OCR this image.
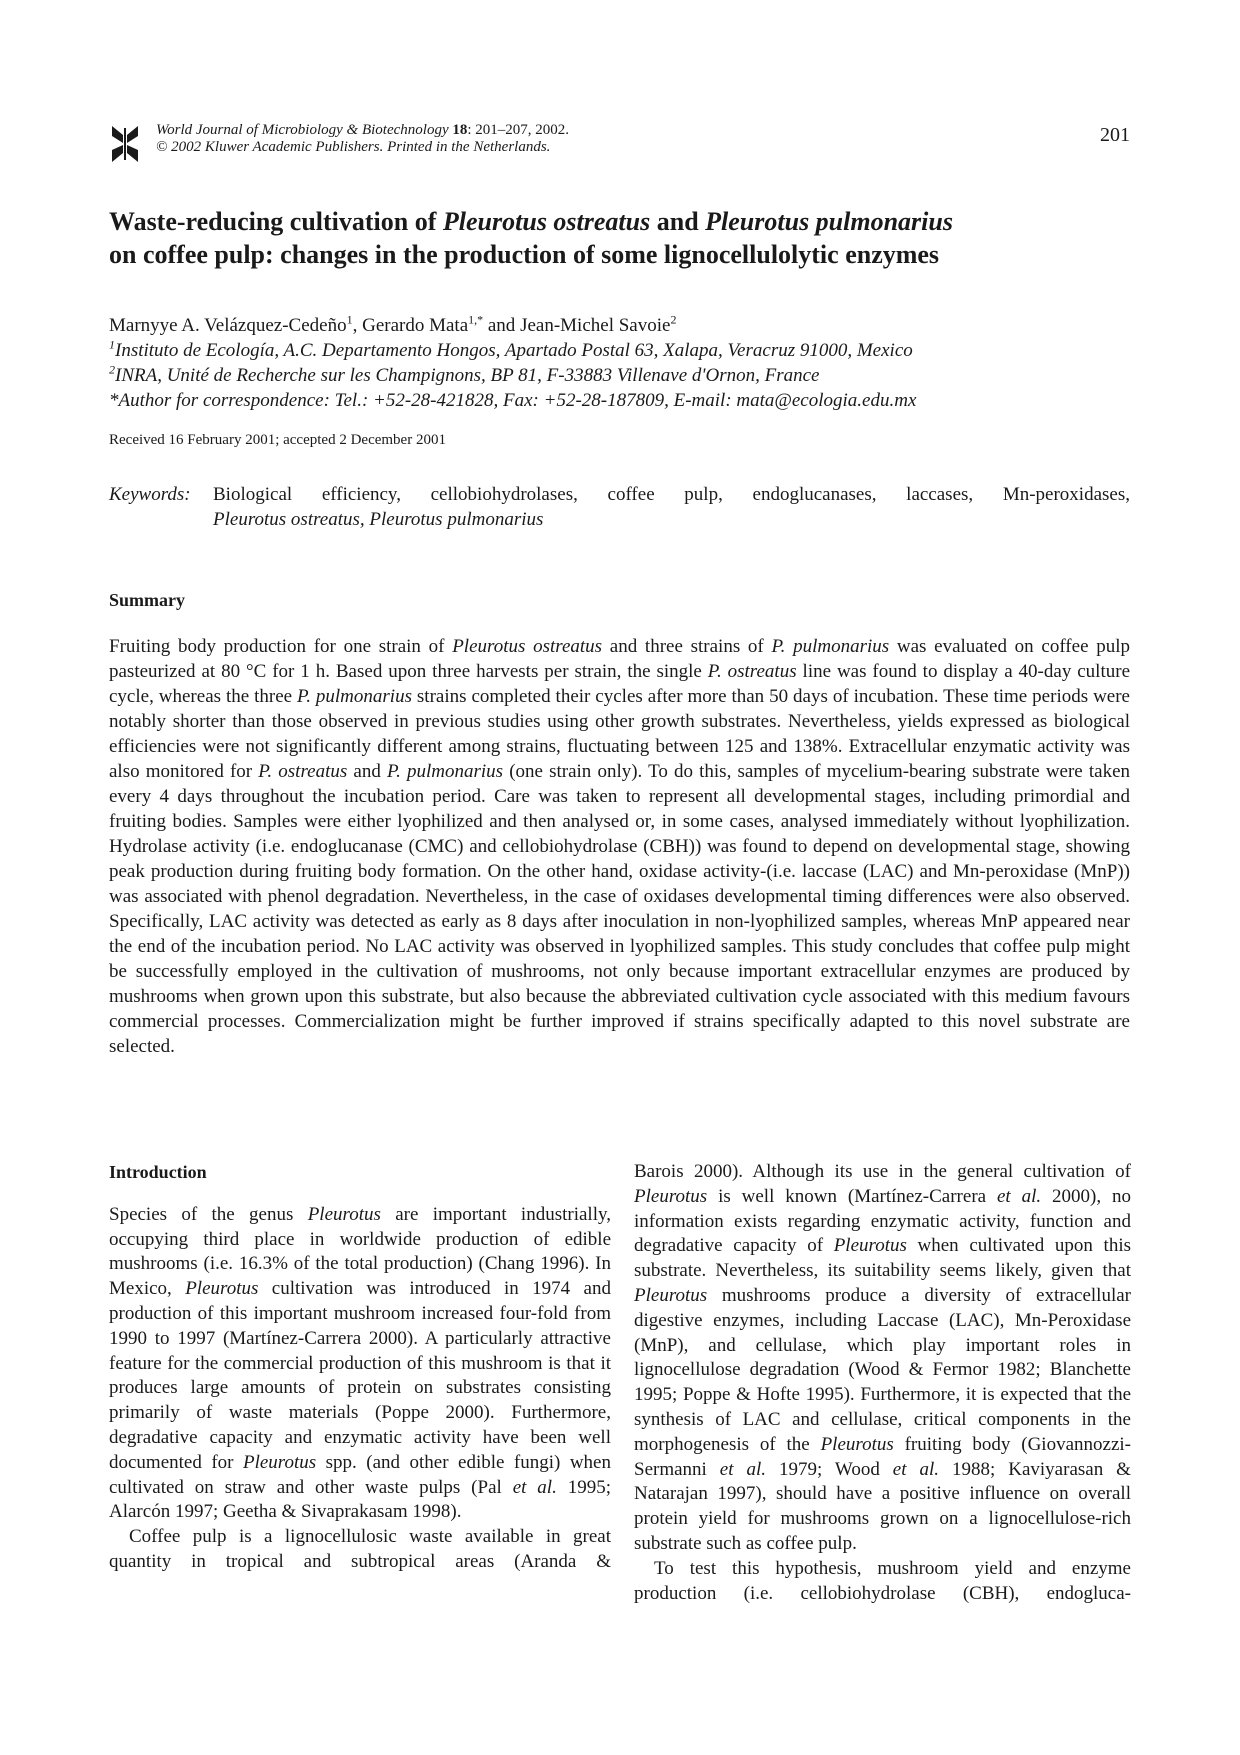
World Journal of Microbiology & Biotechnology 18: 201–207, 2002.
© 2002 Kluwer Academic Publishers. Printed in the Netherlands.
201
Waste-reducing cultivation of Pleurotus ostreatus and Pleurotus pulmonarius
on coffee pulp: changes in the production of some lignocellulolytic enzymes
Marnyye A. Velázquez-Cedeño$^1$, Gerardo Mata$^{1,*}$ and Jean-Michel Savoie$^2$
$^1$Instituto de Ecología, A.C. Departamento Hongos, Apartado Postal 63, Xalapa, Veracruz 91000, Mexico
$^2$INRA, Unité de Recherche sur les Champignons, BP 81, F-33883 Villenave d'Ornon, France
*Author for correspondence: Tel.: +52-28-421828, Fax: +52-28-187809, E-mail: mata@ecologia.edu.mx
Received 16 February 2001; accepted 2 December 2001
Keywords:	Biological efficiency, cellobiohydrolases, coffee pulp, endoglucanases, laccases, Mn-peroxidases,
Pleurotus ostreatus, Pleurotus pulmonarius
Summary

Fruiting body production for one strain of Pleurotus ostreatus and three strains of P. pulmonarius was evaluated on coffee pulp pasteurized at 80 °C for 1 h. Based upon three harvests per strain, the single P. ostreatus line was found to display a 40-day culture cycle, whereas the three P. pulmonarius strains completed their cycles after more than 50 days of incubation. These time periods were notably shorter than those observed in previous studies using other growth substrates. Nevertheless, yields expressed as biological efficiencies were not significantly different among strains, fluctuating between 125 and 138%. Extracellular enzymatic activity was also monitored for P. ostreatus and P. pulmonarius (one strain only). To do this, samples of mycelium-bearing substrate were taken every 4 days throughout the incubation period. Care was taken to represent all developmental stages, including primordial and fruiting bodies. Samples were either lyophilized and then analysed or, in some cases, analysed immediately without lyophilization. Hydrolase activity (i.e. endoglucanase (CMC) and cellobiohydrolase (CBH)) was found to depend on developmental stage, showing peak production during fruiting body formation. On the other hand, oxidase activity-(i.e. laccase (LAC) and Mn-peroxidase (MnP)) was associated with phenol degradation. Nevertheless, in the case of oxidases developmental timing differences were also observed. Specifically, LAC activity was detected as early as 8 days after inoculation in non-lyophilized samples, whereas MnP appeared near the end of the incubation period. No LAC activity was observed in lyophilized samples. This study concludes that coffee pulp might be successfully employed in the cultivation of mushrooms, not only because important extracellular enzymes are produced by mushrooms when grown upon this substrate, but also because the abbreviated cultivation cycle associated with this medium favours commercial processes. Commercialization might be further improved if strains specifically adapted to this novel substrate are selected.

Introduction

Species of the genus Pleurotus are important industrially, occupying third place in worldwide production of edible mushrooms (i.e. 16.3% of the total production) (Chang 1996). In Mexico, Pleurotus cultivation was introduced in 1974 and production of this important mushroom increased four-fold from 1990 to 1997 (Martínez-Carrera 2000). A particularly attractive feature for the commercial production of this mushroom is that it produces large amounts of protein on substrates consisting primarily of waste materials (Poppe 2000). Furthermore, degradative capacity and enzymatic activity have been well documented for Pleurotus spp. (and other edible fungi) when cultivated on straw and other waste pulps (Pal et al. 1995; Alarcón 1997; Geetha & Sivaprakasam 1998).

Coffee pulp is a lignocellulosic waste available in great quantity in tropical and subtropical areas (Aranda &

Barois 2000). Although its use in the general cultivation of Pleurotus is well known (Martínez-Carrera et al. 2000), no information exists regarding enzymatic activity, function and degradative capacity of Pleurotus when cultivated upon this substrate. Nevertheless, its suitability seems likely, given that Pleurotus mushrooms produce a diversity of extracellular digestive enzymes, including Laccase (LAC), Mn-Peroxidase (MnP), and cellulase, which play important roles in lignocellulose degradation (Wood & Fermor 1982; Blanchette 1995; Poppe & Hofte 1995). Furthermore, it is expected that the synthesis of LAC and cellulase, critical components in the morphogenesis of the Pleurotus fruiting body (Giovannozzi-Sermanni et al. 1979; Wood et al. 1988; Kaviyarasan & Natarajan 1997), should have a positive influence on overall protein yield for mushrooms grown on a lignocellulose-rich substrate such as coffee pulp.

To test this hypothesis, mushroom yield and enzyme production (i.e. cellobiohydrolase (CBH), endogluca-
